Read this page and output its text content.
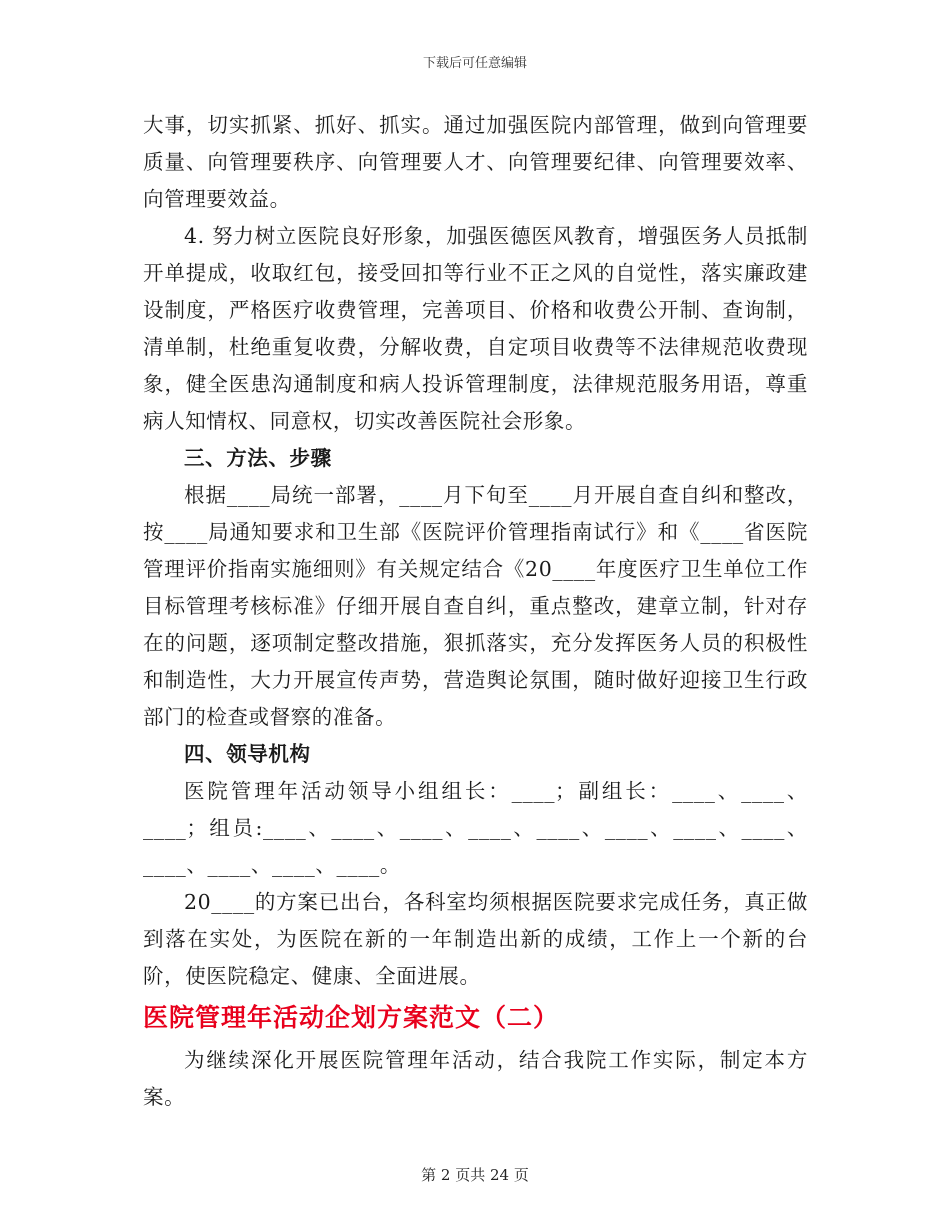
下载后可任意编辑

大事，切实抓紧、抓好、抓实。通过加强医院内部管理，做到向管理要质量、向管理要秩序、向管理要人才、向管理要纪律、向管理要效率、向管理要效益。

4. 努力树立医院良好形象，加强医德医风教育，增强医务人员抵制开单提成，收取红包，接受回扣等行业不正之风的自觉性，落实廉政建设制度，严格医疗收费管理，完善项目、价格和收费公开制、查询制，清单制，杜绝重复收费，分解收费，自定项目收费等不法律规范收费现象，健全医患沟通制度和病人投诉管理制度，法律规范服务用语，尊重病人知情权、同意权，切实改善医院社会形象。

三、方法、步骤

根据____局统一部署，____月下旬至____月开展自查自纠和整改，按____局通知要求和卫生部《医院评价管理指南试行》和《____省医院管理评价指南实施细则》有关规定结合《20____年度医疗卫生单位工作目标管理考核标准》仔细开展自查自纠，重点整改，建章立制，针对存在的问题，逐项制定整改措施，狠抓落实，充分发挥医务人员的积极性和制造性，大力开展宣传声势，营造舆论氛围，随时做好迎接卫生行政部门的检查或督察的准备。

四、领导机构

医院管理年活动领导小组组长：____；副组长：____、____、____；组员:____、____、____、____、____、____、____、____、____、____、____、____。

20____的方案已出台，各科室均须根据医院要求完成任务，真正做到落在实处，为医院在新的一年制造出新的成绩，工作上一个新的台阶，使医院稳定、健康、全面进展。

医院管理年活动企划方案范文（二）

为继续深化开展医院管理年活动，结合我院工作实际，制定本方案。

第 2 页共 24 页
